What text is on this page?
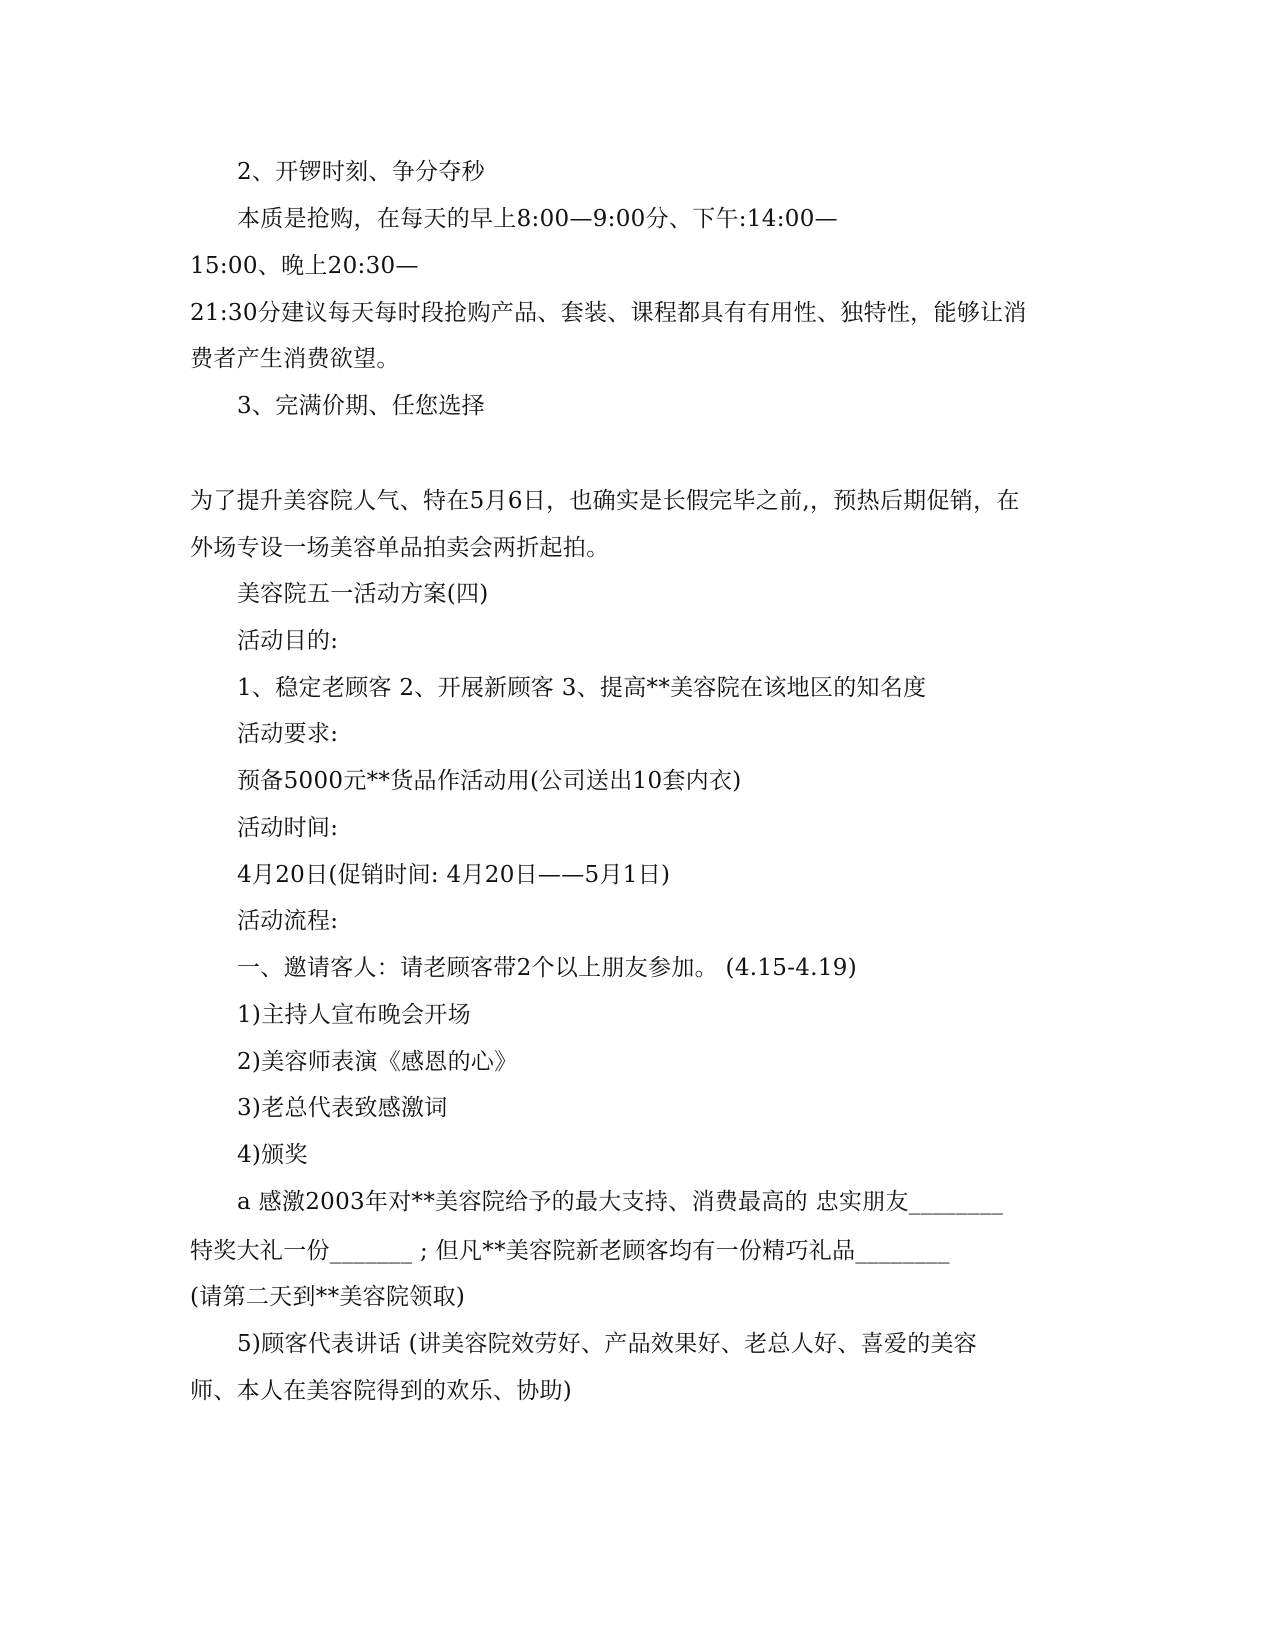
2、开锣时刻、争分夺秒
本质是抢购，在每天的早上8:00—9:00分、下午:14:00—
15:00、晚上20:30—
21:30分建议每天每时段抢购产品、套装、课程都具有有用性、独特性，能够让消
费者产生消费欲望。
3、完满价期、任您选择
为了提升美容院人气、特在5月6日，也确实是长假完毕之前,，预热后期促销，在
外场专设一场美容单品拍卖会两折起拍。
美容院五一活动方案(四)
活动目的:
1、稳定老顾客 2、开展新顾客 3、提高**美容院在该地区的知名度
活动要求:
预备5000元**货品作活动用(公司送出10套内衣)
活动时间:
4月20日(促销时间: 4月20日——5月1日)
活动流程:
一、邀请客人：请老顾客带2个以上朋友参加。 (4.15-4.19)
1)主持人宣布晚会开场
2)美容师表演《感恩的心》
3)老总代表致感激词
4)颁奖
a 感激2003年对**美容院给予的最大支持、消费最高的 忠实朋友________
特奖大礼一份_______ ; 但凡**美容院新老顾客均有一份精巧礼品________
(请第二天到**美容院领取)
5)顾客代表讲话 (讲美容院效劳好、产品效果好、老总人好、喜爱的美容
师、本人在美容院得到的欢乐、协助)
